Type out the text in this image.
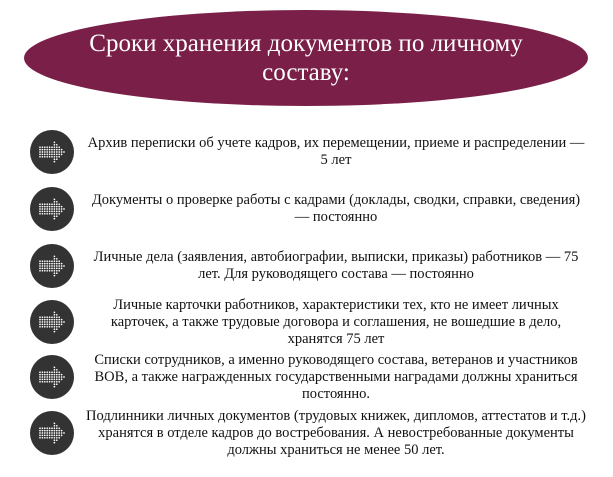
Сроки хранения документов по личному
составу:
Архив переписки об учете кадров, их перемещении, приеме и распределении — 5 лет
Документы о проверке работы с кадрами (доклады, сводки, справки, сведения) — постоянно
Личные дела (заявления, автобиографии, выписки, приказы) работников — 75 лет. Для руководящего состава — постоянно
Личные карточки работников, характеристики тех, кто не имеет личных карточек, а также трудовые договора и соглашения, не вошедшие в дело, хранятся 75 лет
Списки сотрудников, а именно руководящего состава, ветеранов и участников ВОВ, а также награжденных государственными наградами должны храниться постоянно.
Подлинники личных документов (трудовых книжек, дипломов, аттестатов и т.д.) хранятся в отделе кадров до востребования. А невостребованные документы должны храниться не менее 50 лет.
